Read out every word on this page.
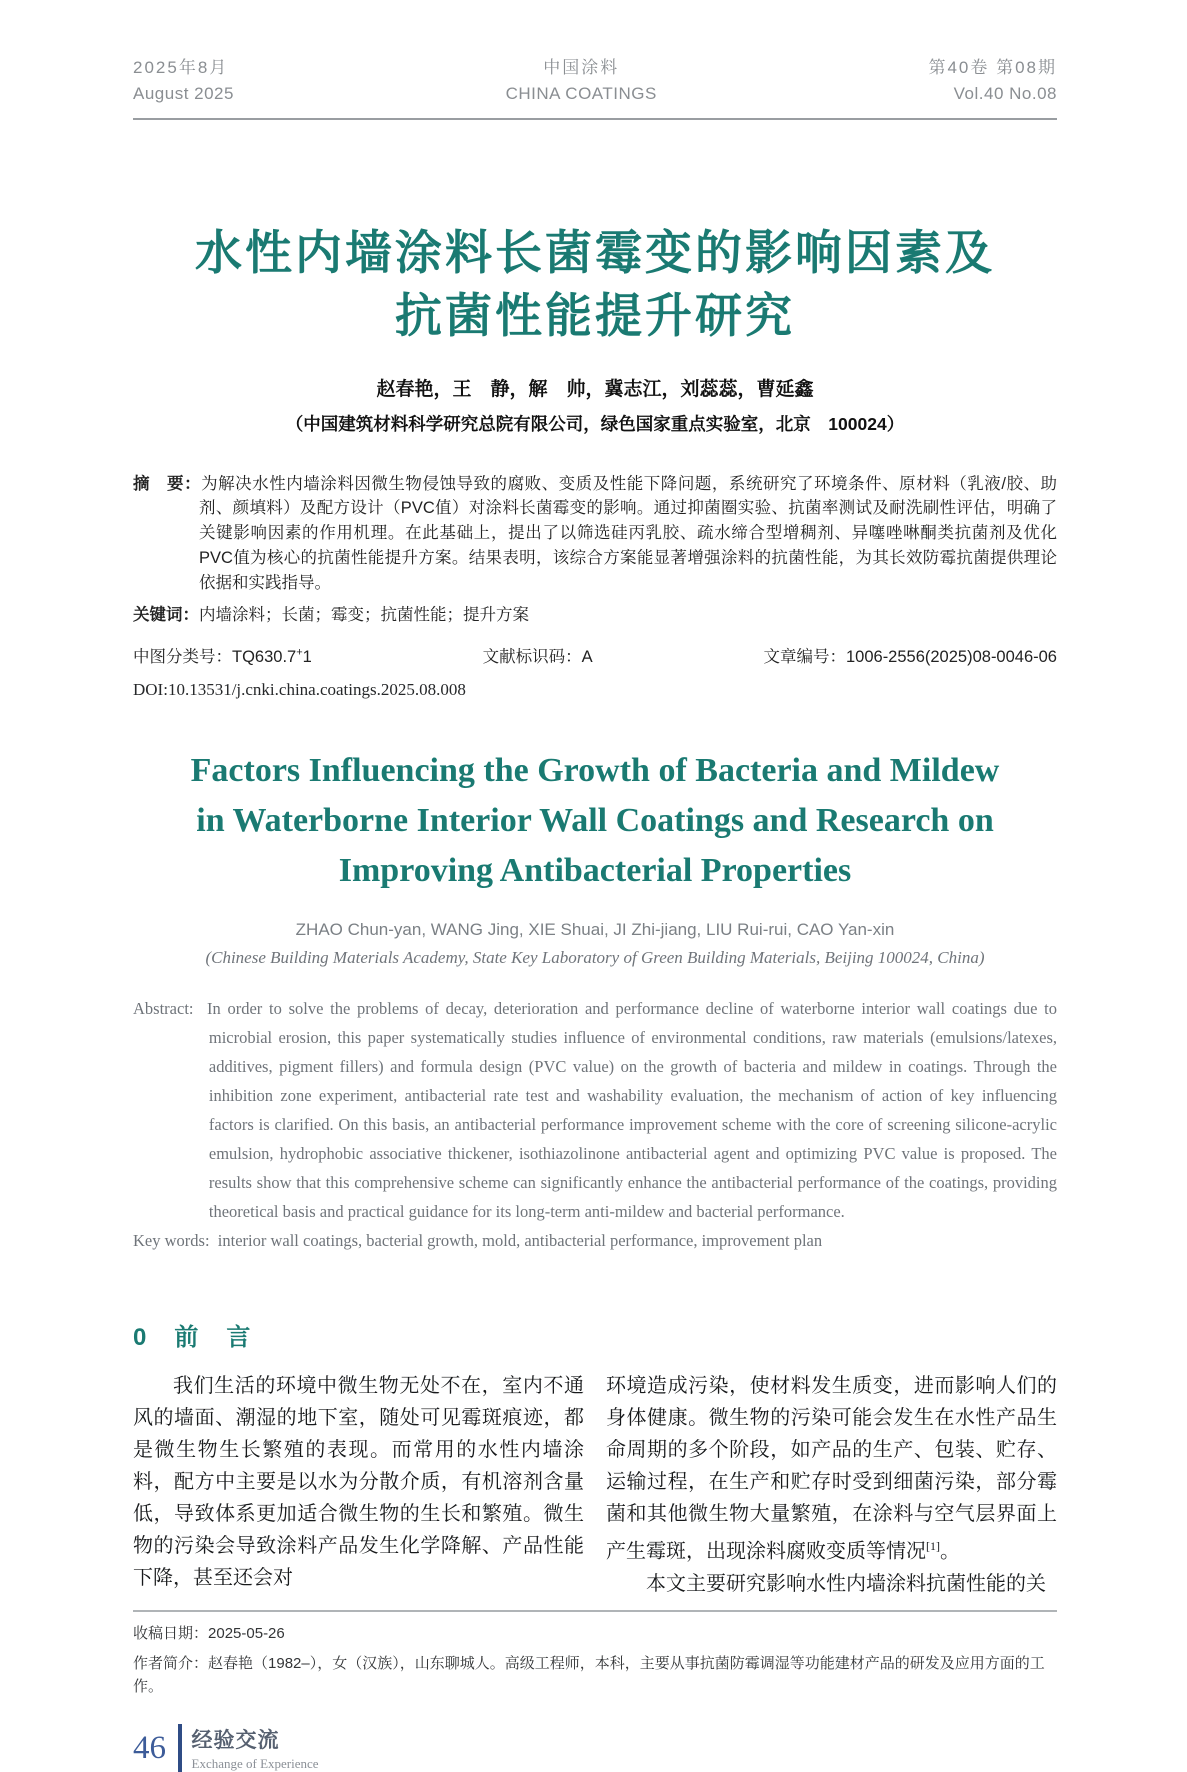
2025年8月
August 2025
中国涂料
CHINA COATINGS
第40卷 第08期
Vol.40 No.08
水性内墙涂料长菌霉变的影响因素及
抗菌性能提升研究
赵春艳，王　静，解　帅，冀志江，刘蕊蕊，曹延鑫
（中国建筑材料科学研究总院有限公司，绿色国家重点实验室，北京　100024）

摘　要：为解决水性内墙涂料因微生物侵蚀导致的腐败、变质及性能下降问题，系统研究了环境条件、原材料（乳液/胶、助剂、颜填料）及配方设计（PVC值）对涂料长菌霉变的影响。通过抑菌圈实验、抗菌率测试及耐洗刷性评估，明确了关键影响因素的作用机理。在此基础上，提出了以筛选硅丙乳胶、疏水缔合型增稠剂、异噻唑啉酮类抗菌剂及优化PVC值为核心的抗菌性能提升方案。结果表明，该综合方案能显著增强涂料的抗菌性能，为其长效防霉抗菌提供理论依据和实践指导。

关键词：内墙涂料；长菌；霉变；抗菌性能；提升方案

中图分类号：TQ630.7+1	文献标识码：A	文章编号：1006-2556(2025)08-0046-06
DOI:10.13531/j.cnki.china.coatings.2025.08.008
Factors Influencing the Growth of Bacteria and Mildew
in Waterborne Interior Wall Coatings and Research on
Improving Antibacterial Properties
ZHAO Chun-yan, WANG Jing, XIE Shuai, JI Zhi-jiang, LIU Rui-rui, CAO Yan-xin
(Chinese Building Materials Academy, State Key Laboratory of Green Building Materials, Beijing 100024, China)

Abstract: In order to solve the problems of decay, deterioration and performance decline of waterborne interior wall coatings due to microbial erosion, this paper systematically studies influence of environmental conditions, raw materials (emulsions/latexes, additives, pigment fillers) and formula design (PVC value) on the growth of bacteria and mildew in coatings. Through the inhibition zone experiment, antibacterial rate test and washability evaluation, the mechanism of action of key influencing factors is clarified. On this basis, an antibacterial performance improvement scheme with the core of screening silicone-acrylic emulsion, hydrophobic associative thickener, isothiazolinone antibacterial agent and optimizing PVC value is proposed. The results show that this comprehensive scheme can significantly enhance the antibacterial performance of the coatings, providing theoretical basis and practical guidance for its long-term anti-mildew and bacterial performance.

Key words: interior wall coatings, bacterial growth, mold, antibacterial performance, improvement plan

0　前　言

我们生活的环境中微生物无处不在，室内不通风的墙面、潮湿的地下室，随处可见霉斑痕迹，都是微生物生长繁殖的表现。而常用的水性内墙涂料，配方中主要是以水为分散介质，有机溶剂含量低，导致体系更加适合微生物的生长和繁殖。微生物的污染会导致涂料产品发生化学降解、产品性能下降，甚至还会对

环境造成污染，使材料发生质变，进而影响人们的身体健康。微生物的污染可能会发生在水性产品生命周期的多个阶段，如产品的生产、包装、贮存、运输过程，在生产和贮存时受到细菌污染，部分霉菌和其他微生物大量繁殖，在涂料与空气层界面上产生霉斑，出现涂料腐败变质等情况[1]。

本文主要研究影响水性内墙涂料抗菌性能的关

收稿日期：2025-05-26

作者简介：赵春艳（1982–），女（汉族），山东聊城人。高级工程师，本科，主要从事抗菌防霉调湿等功能建材产品的研发及应用方面的工作。

46 经验交流
Exchange of Experience
